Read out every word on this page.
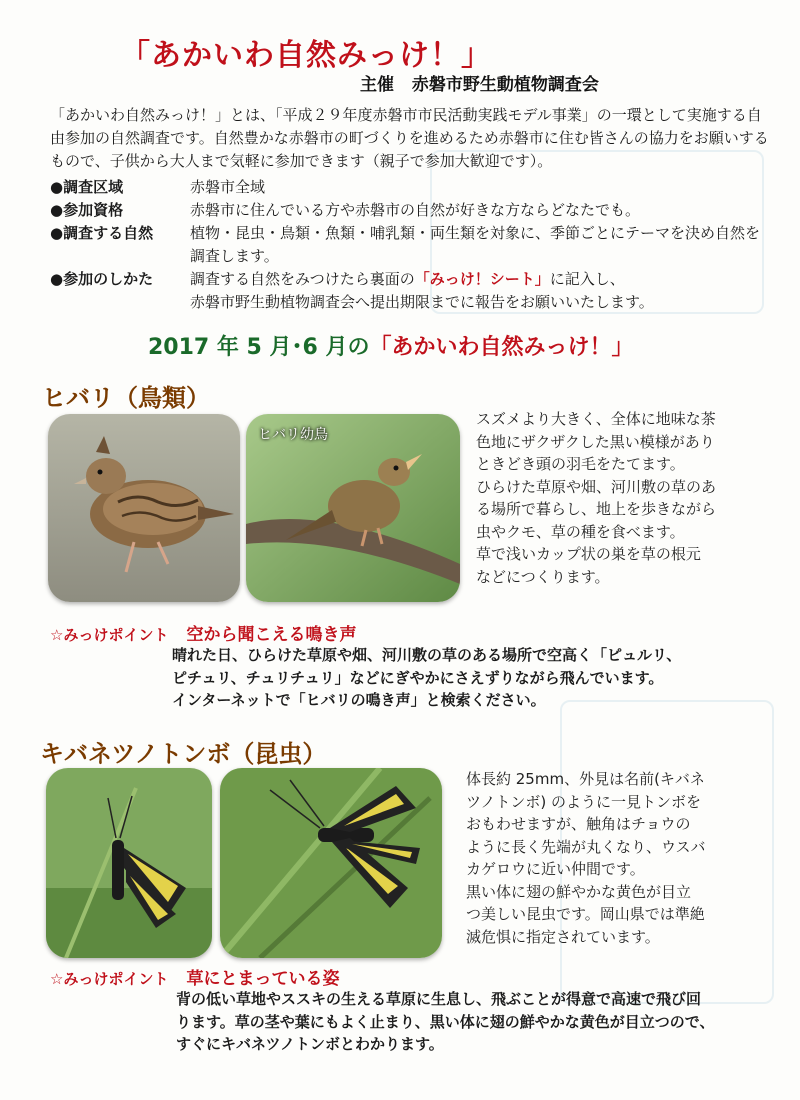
「あかいわ自然みっけ！」
主催 赤磐市野生動植物調査会
「あかいわ自然みっけ！」とは、「平成２９年度赤磐市市民活動実践モデル事業」の一環として実施する自由参加の自然調査です。自然豊かな赤磐市の町づくりを進めるため赤磐市に住む皆さんの協力をお願いするもので、子供から大人まで気軽に参加できます（親子で参加大歓迎です）。
●調査区域	赤磐市全域
●参加資格	赤磐市に住んでいる方や赤磐市の自然が好きな方ならどなたでも。
●調査する自然	植物・昆虫・鳥類・魚類・哺乳類・両生類を対象に、季節ごとにテーマを決め自然を調査します。
●参加のしかた	調査する自然をみつけたら裏面の「みっけ！シート」に記入し、
赤磐市野生動植物調査会へ提出期限までに報告をお願いいたします。
2017 年 5 月･6 月の「あかいわ自然みっけ！」
ヒバリ（鳥類）
ヒバリ幼鳥

スズメより大きく、全体に地味な茶

色地にザクザクした黒い模様があり

ときどき頭の羽毛をたてます。

ひらけた草原や畑、河川敷の草のあ

る場所で暮らし、地上を歩きながら

虫やクモ、草の種を食べます。

草で浅いカップ状の巣を草の根元

などにつくります。

☆みっけポイント 空から聞こえる鳴き声

晴れた日、ひらけた草原や畑、河川敷の草のある場所で空高く「ピュルリ、

ピチュリ、チュリチュリ」などにぎやかにさえずりながら飛んでいます。

インターネットで「ヒバリの鳴き声」と検索ください。

キバネツノトンボ（昆虫）

体長約 25mm、外見は名前(キバネ

ツノトンボ) のように一見トンボを

おもわせますが、触角はチョウの

ように長く先端が丸くなり、ウスバ

カゲロウに近い仲間です。

黒い体に翅の鮮やかな黄色が目立

つ美しい昆虫です。岡山県では準絶

滅危惧に指定されています。

☆みっけポイント 草にとまっている姿

背の低い草地やススキの生える草原に生息し、飛ぶことが得意で高速で飛び回

ります。草の茎や葉にもよく止まり、黒い体に翅の鮮やかな黄色が目立つので、

すぐにキバネツノトンボとわかります。
